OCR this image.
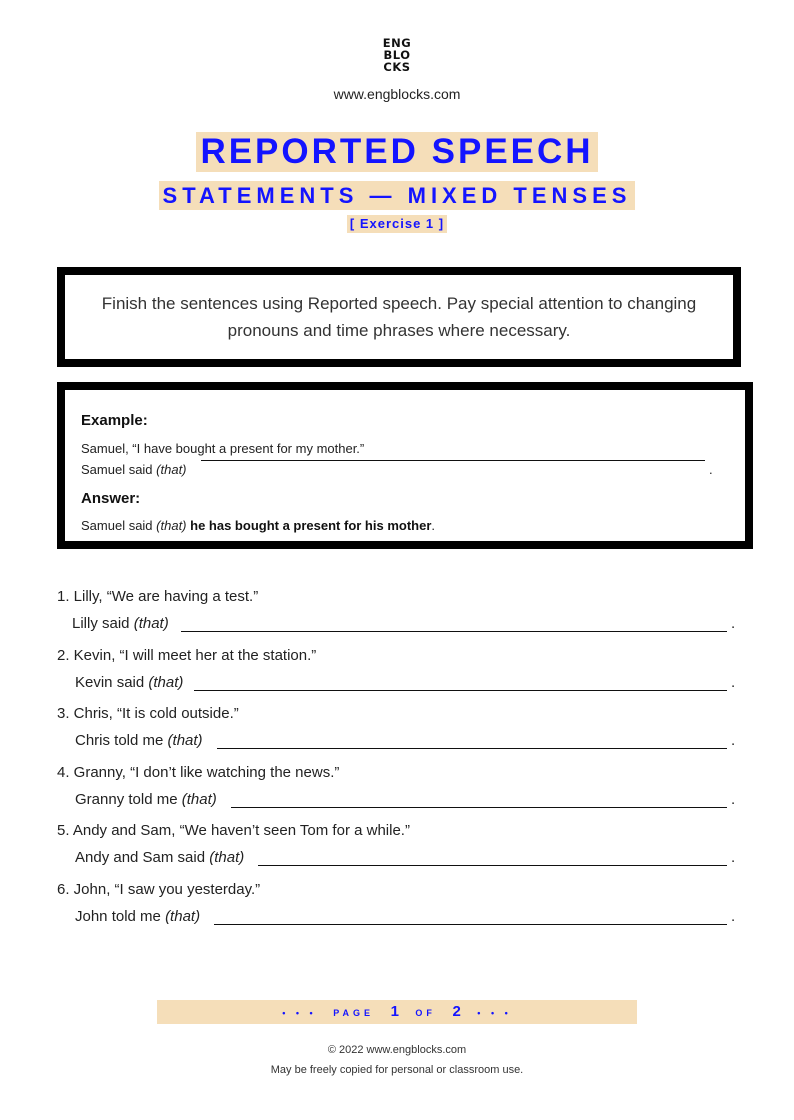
ENG
BLO
CKS
www.engblocks.com
REPORTED SPEECH
STATEMENTS — MIXED TENSES
[ Exercise 1 ]
Finish the sentences using Reported speech. Pay special attention to changing pronouns and time phrases where necessary.
Example:
Samuel, “I have bought a present for my mother.”
Samuel said (that)	.
Answer:
Samuel said (that) he has bought a present for his mother.
1. Lilly, “We are having a test.”
Lilly said (that)	.
2. Kevin, “I will meet her at the station.”
Kevin said (that)	.
3. Chris, “It is cold outside.”
Chris told me (that)	.
4. Granny, “I don’t like watching the news.”
Granny told me (that)	.
5. Andy and Sam, “We haven’t seen Tom for a while.”
Andy and Sam said (that)	.
6. John, “I saw you yesterday.”
John told me (that)	.
• • • PAGE 1 OF 2 • • •
© 2022 www.engblocks.com
May be freely copied for personal or classroom use.
